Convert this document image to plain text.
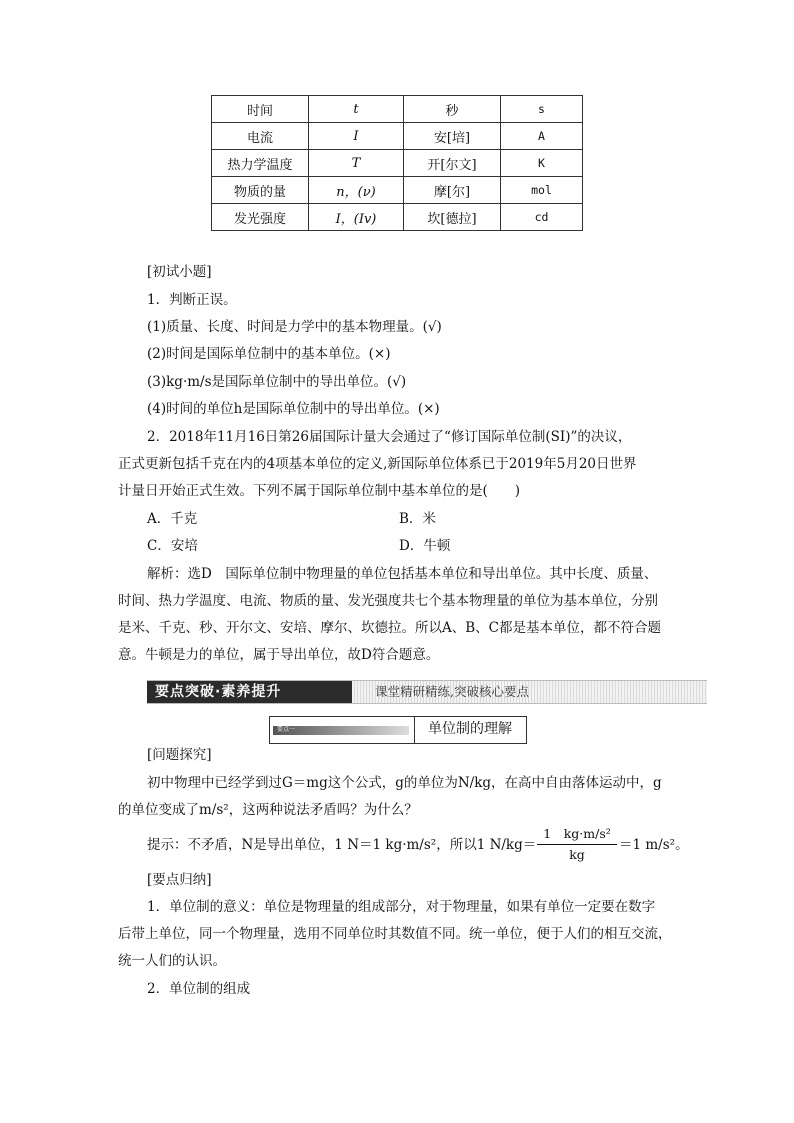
时间	t	秒	s
电流	I	安[培]	A
热力学温度	T	开[尔文]	K
物质的量	n，(ν)	摩[尔]	mol
发光强度	I，(Iv)	坎[德拉]	cd
[初试小题]
1．判断正误。
(1)质量、长度、时间是力学中的基本物理量。(√)
(2)时间是国际单位制中的基本单位。(×)
(3)kg·m/s是国际单位制中的导出单位。(√)
(4)时间的单位h是国际单位制中的导出单位。(×)
2．2018年11月16日第26届国际计量大会通过了“修订国际单位制(SI)”的决议，
正式更新包括千克在内的4项基本单位的定义,新国际单位体系已于2019年5月20日世界
计量日开始正式生效。下列不属于国际单位制中基本单位的是(　　)
A．千克	B．米
C．安培	D．牛顿
解析：选D　国际单位制中物理量的单位包括基本单位和导出单位。其中长度、质量、
时间、热力学温度、电流、物质的量、发光强度共七个基本物理量的单位为基本单位，分别
是米、千克、秒、开尔文、安培、摩尔、坎德拉。所以A、B、C都是基本单位，都不符合题
意。牛顿是力的单位，属于导出单位，故D符合题意。
要点突破·素养提升	课堂精研精练,突破核心要点
要点一	单位制的理解
[问题探究]
初中物理中已经学到过G＝mg这个公式，g的单位为N/kg，在高中自由落体运动中，g
的单位变成了m/s²，这两种说法矛盾吗？为什么？
提示：不矛盾，N是导出单位，1 N＝1 kg·m/s²，所以1 N/kg＝
1　kg·m/s²
kg
＝1 m/s²。
[要点归纳]
1．单位制的意义：单位是物理量的组成部分，对于物理量，如果有单位一定要在数字
后带上单位，同一个物理量，选用不同单位时其数值不同。统一单位，便于人们的相互交流，
统一人们的认识。
2．单位制的组成
